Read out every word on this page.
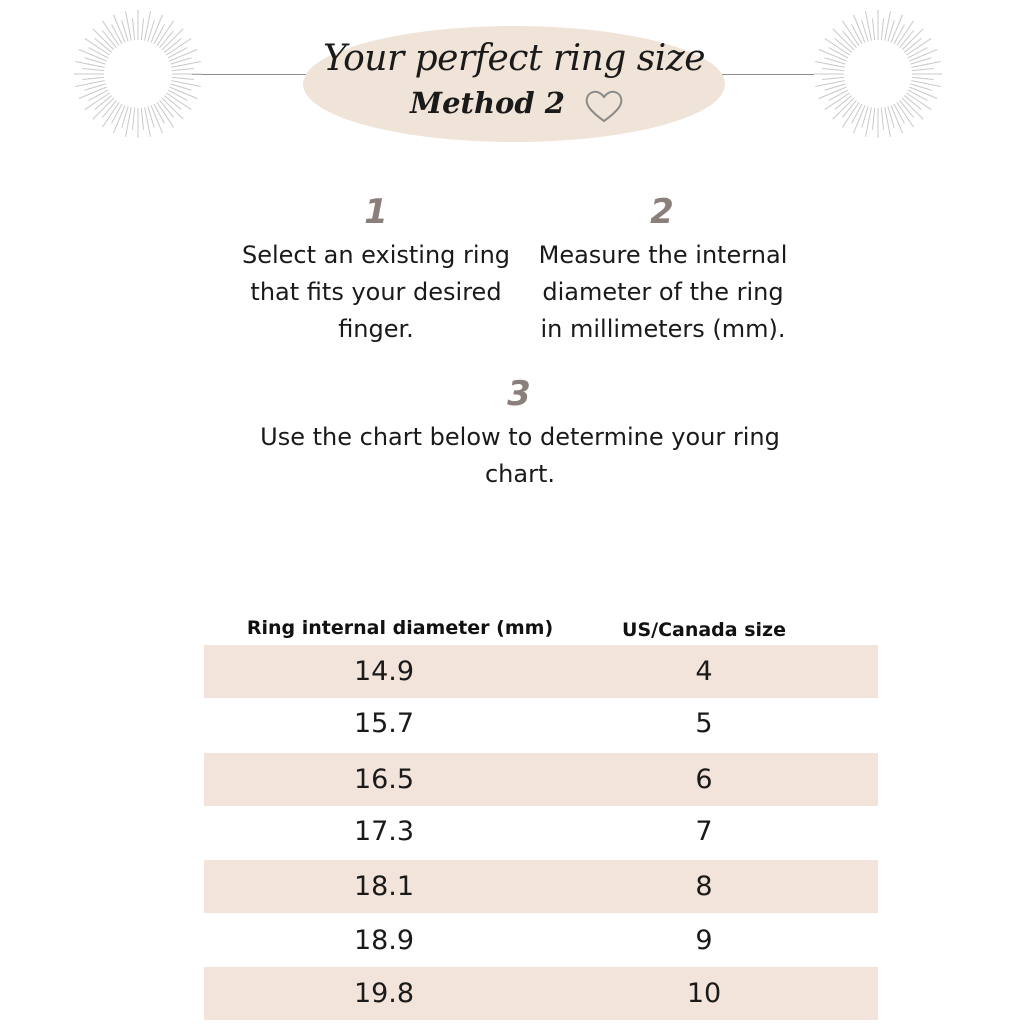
Your perfect ring size
Method 2
1
Select an existing ring
that fits your desired
finger.
2
Measure the internal
diameter of the ring
in millimeters (mm).
3
Use the chart below to determine your ring
chart.
Ring internal diameter (mm)	US/Canada size
14.9	4
15.7	5
16.5	6
17.3	7
18.1	8
18.9	9
19.8	10
